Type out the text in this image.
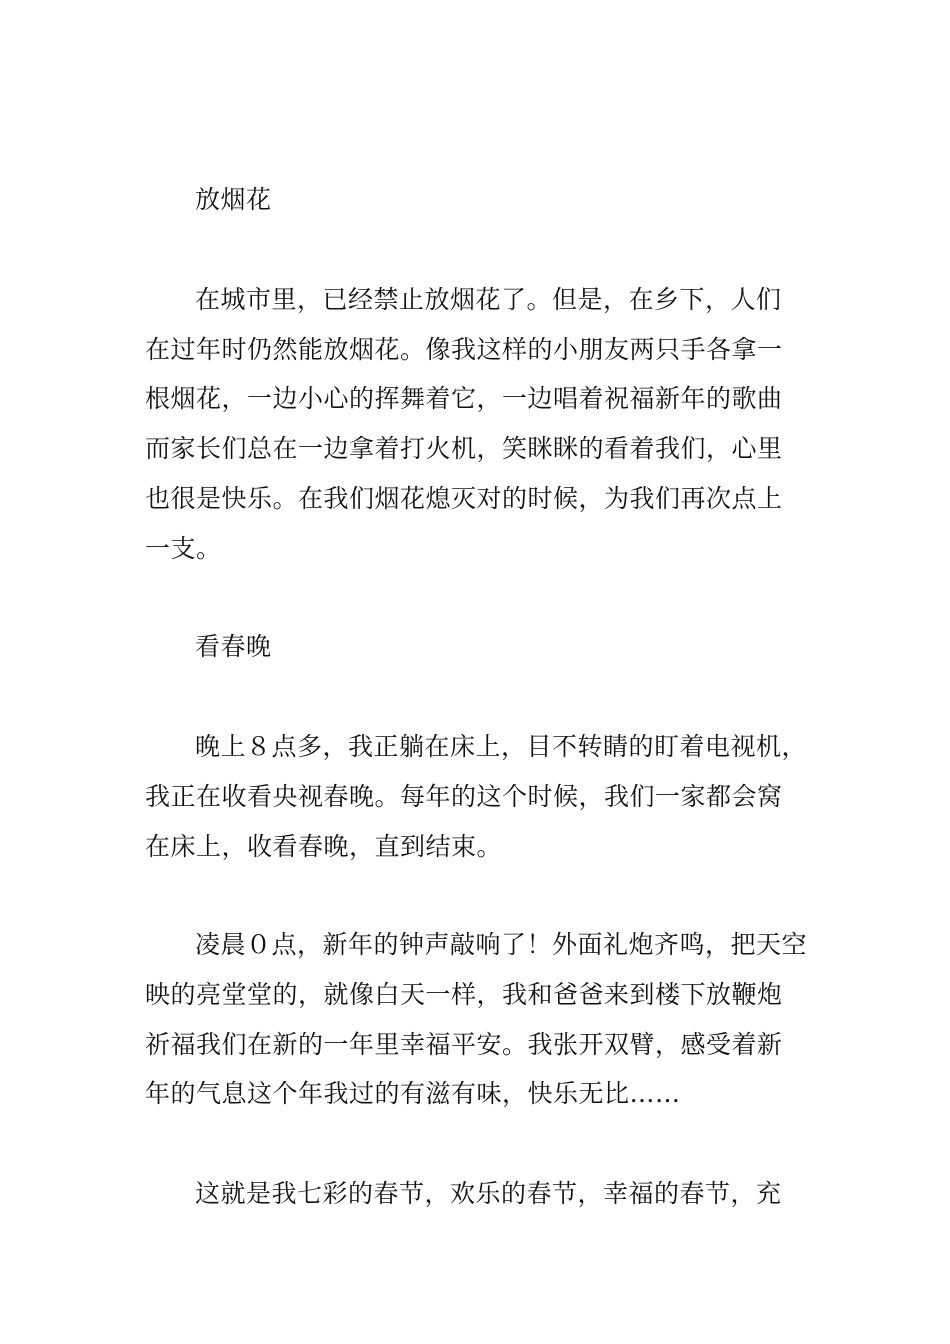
放烟花
在城市里，已经禁止放烟花了。但是，在乡下，人们
在过年时仍然能放烟花。像我这样的小朋友两只手各拿一
根烟花，一边小心的挥舞着它，一边唱着祝福新年的歌曲
而家长们总在一边拿着打火机，笑眯眯的看着我们，心里
也很是快乐。在我们烟花熄灭对的时候，为我们再次点上
一支。
看春晚
晚上８点多，我正躺在床上，目不转睛的盯着电视机，
我正在收看央视春晚。每年的这个时候，我们一家都会窝
在床上，收看春晚，直到结束。
凌晨０点，新年的钟声敲响了！外面礼炮齐鸣，把天空
映的亮堂堂的，就像白天一样，我和爸爸来到楼下放鞭炮
祈福我们在新的一年里幸福平安。我张开双臂，感受着新
年的气息这个年我过的有滋有味，快乐无比……
这就是我七彩的春节，欢乐的春节，幸福的春节，充
